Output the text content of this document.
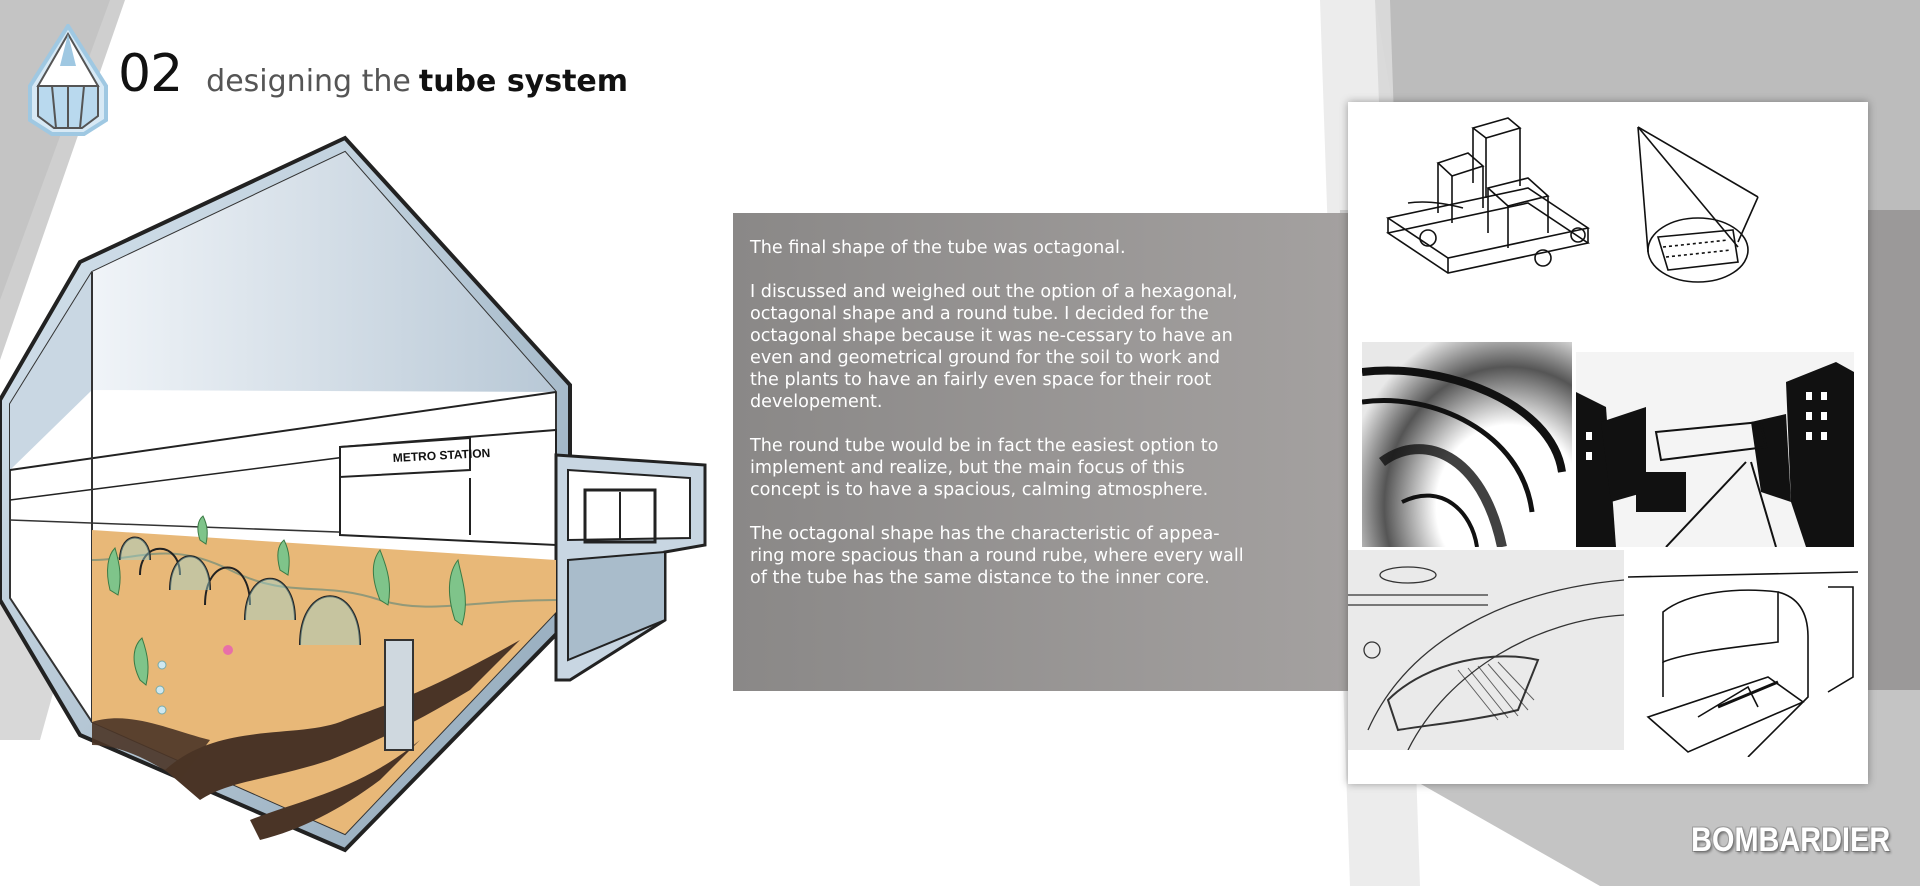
02 designing the tube system
METRO STATION

The final shape of the tube was octagonal.

I discussed and weighed out the option of a hexagonal, octagonal shape and a round tube. I decided for the octagonal shape because it was ne-cessary to have an even and geometrical ground for the soil to work and the plants to have an fairly even space for their root developement.

The round tube would be in fact the easiest option to implement and realize, but the main focus of this concept is to have a spacious, calming atmosphere.

The octagonal shape has the characteristic of appea-ring more spacious than a round rube, where every wall of the tube has the same distance to the inner core.

BOMBARDIER
